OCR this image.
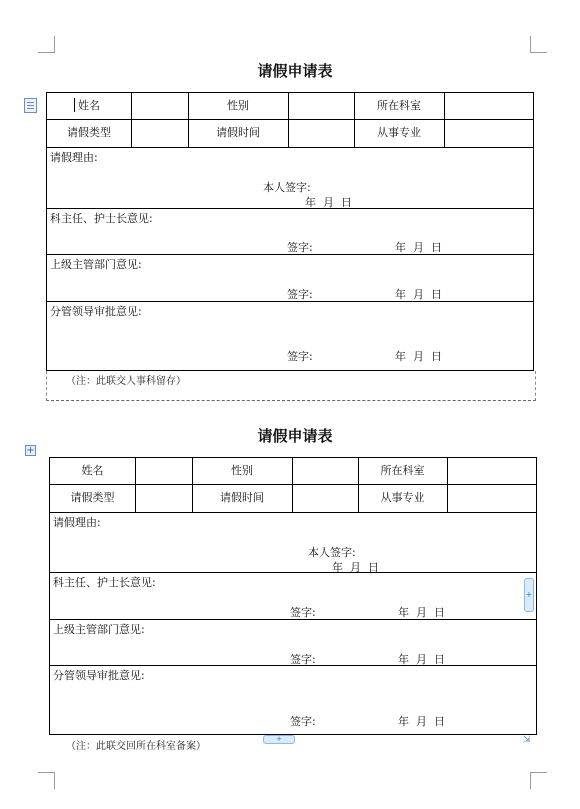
请假申请表
姓名	性别	所在科室
请假类型	请假时间	从事专业
请假理由:
本人签字:
年  月  日
科主任、护士长意见:
签字:	年  月  日
上级主管部门意见:
签字:	年  月  日
分管领导审批意见:
签字:	年  月  日
（注：此联交人事科留存）
+
请假申请表
姓名	性别	所在科室
请假类型	请假时间	从事专业
请假理由:
本人签字:
年  月  日
科主任、护士长意见:
签字:	年  月  日
上级主管部门意见:
签字:	年  月  日
分管领导审批意见:
签字:	年  月  日
（注：此联交回所在科室备案）
+
+	⇲
